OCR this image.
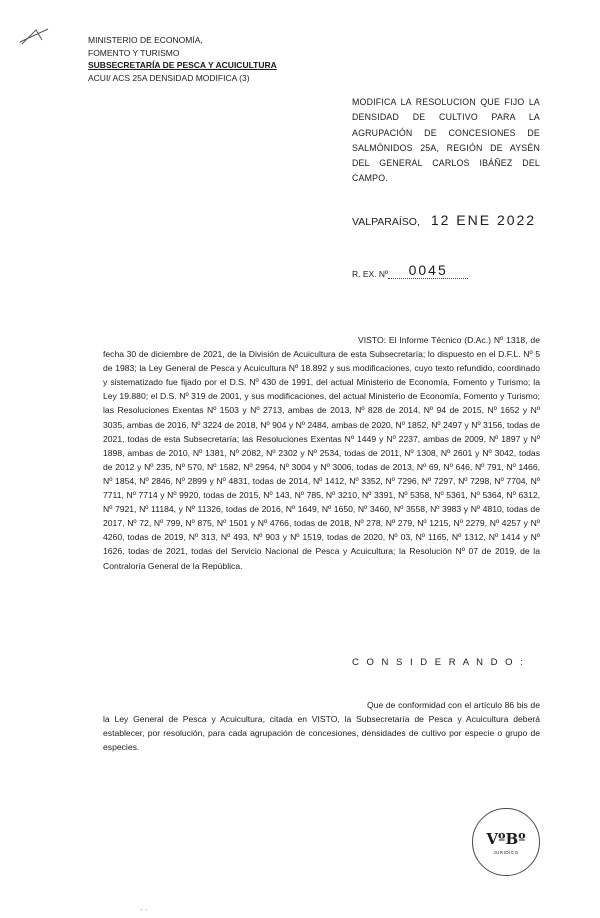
MINISTERIO DE ECONOMÍA,
FOMENTO Y TURISMO
SUBSECRETARÍA DE PESCA Y ACUICULTURA
ACUI/ ACS 25A DENSIDAD MODIFICA (3)
MODIFICA LA RESOLUCION QUE FIJO LA DENSIDAD DE CULTIVO PARA LA AGRUPACIÓN DE CONCESIONES DE SALMÓNIDOS 25A, REGIÓN DE AYSÉN DEL GENERAL CARLOS IBÁÑEZ DEL CAMPO.
VALPARAÍSO, 12 ENE 2022
R. EX. Nº 0045

VISTO: El Informe Técnico (D.Ac.) Nº 1318, de fecha 30 de diciembre de 2021, de la División de Acuicultura de esta Subsecretaría; lo dispuesto en el D.F.L. Nº 5 de 1983; la Ley General de Pesca y Acuicultura Nº 18.892 y sus modificaciones, cuyo texto refundido, coordinado y sistematizado fue fijado por el D.S. Nº 430 de 1991, del actual Ministerio de Economía, Fomento y Turismo; la Ley 19.880; el D.S. Nº 319 de 2001, y sus modificaciones, del actual Ministerio de Economía, Fomento y Turismo; las Resoluciones Exentas Nº 1503 y Nº 2713, ambas de 2013, Nº 828 de 2014, Nº 94 de 2015, Nº 1652 y Nº 3035, ambas de 2016, Nº 3224 de 2018, Nº 904 y Nº 2484, ambas de 2020, Nº 1852, Nº 2497 y Nº 3156, todas de 2021, todas de esta Subsecretaría; las Resoluciones Exentas Nº 1449 y Nº 2237, ambas de 2009, Nº 1897 y Nº 1898, ambas de 2010, Nº 1381, Nº 2082, Nº 2302 y Nº 2534, todas de 2011, Nº 1308, Nº 2601 y Nº 3042, todas de 2012 y Nº 235, Nº 570, Nº 1582, Nº 2954, Nº 3004 y Nº 3006, todas de 2013, Nº 69, Nº 646, Nº 791, Nº 1466, Nº 1854, Nº 2846, Nº 2899 y Nº 4831, todas de 2014, Nº 1412, Nº 3352, Nº 7296, Nº 7297, Nº 7298, Nº 7704, Nº 7711, Nº 7714 y Nº 9920, todas de 2015, Nº 143, Nº 785, Nº 3210, Nº 3391, Nº 5358, Nº 5361, Nº 5364, Nº 6312, Nº 7921, Nº 11184, y Nº 11326, todas de 2016, Nº 1649, Nº 1650, Nº 3460, Nº 3558, Nº 3983 y Nº 4810, todas de 2017, Nº 72, Nº 799, Nº 875, Nº 1501 y Nº 4766, todas de 2018, Nº 278, Nº 279, Nº 1215, Nº 2279, Nº 4257 y Nº 4260, todas de 2019, Nº 313, Nº 493, Nº 903 y Nº 1519, todas de 2020, Nº 03, Nº 1165, Nº 1312, Nº 1414 y Nº 1626, todas de 2021, todas del Servicio Nacional de Pesca y Acuicultura; la Resolución Nº 07 de 2019, de la Contraloría General de la República.

C O N S I D E R A N D O :

Que de conformidad con el artículo 86 bis de la Ley General de Pesca y Acuicultura, citada en VISTO, la Subsecretaría de Pesca y Acuicultura deberá establecer, por resolución, para cada agrupación de concesiones, densidades de cultivo por especie o grupo de especies.

VºBº
JURIDICO
· ·
